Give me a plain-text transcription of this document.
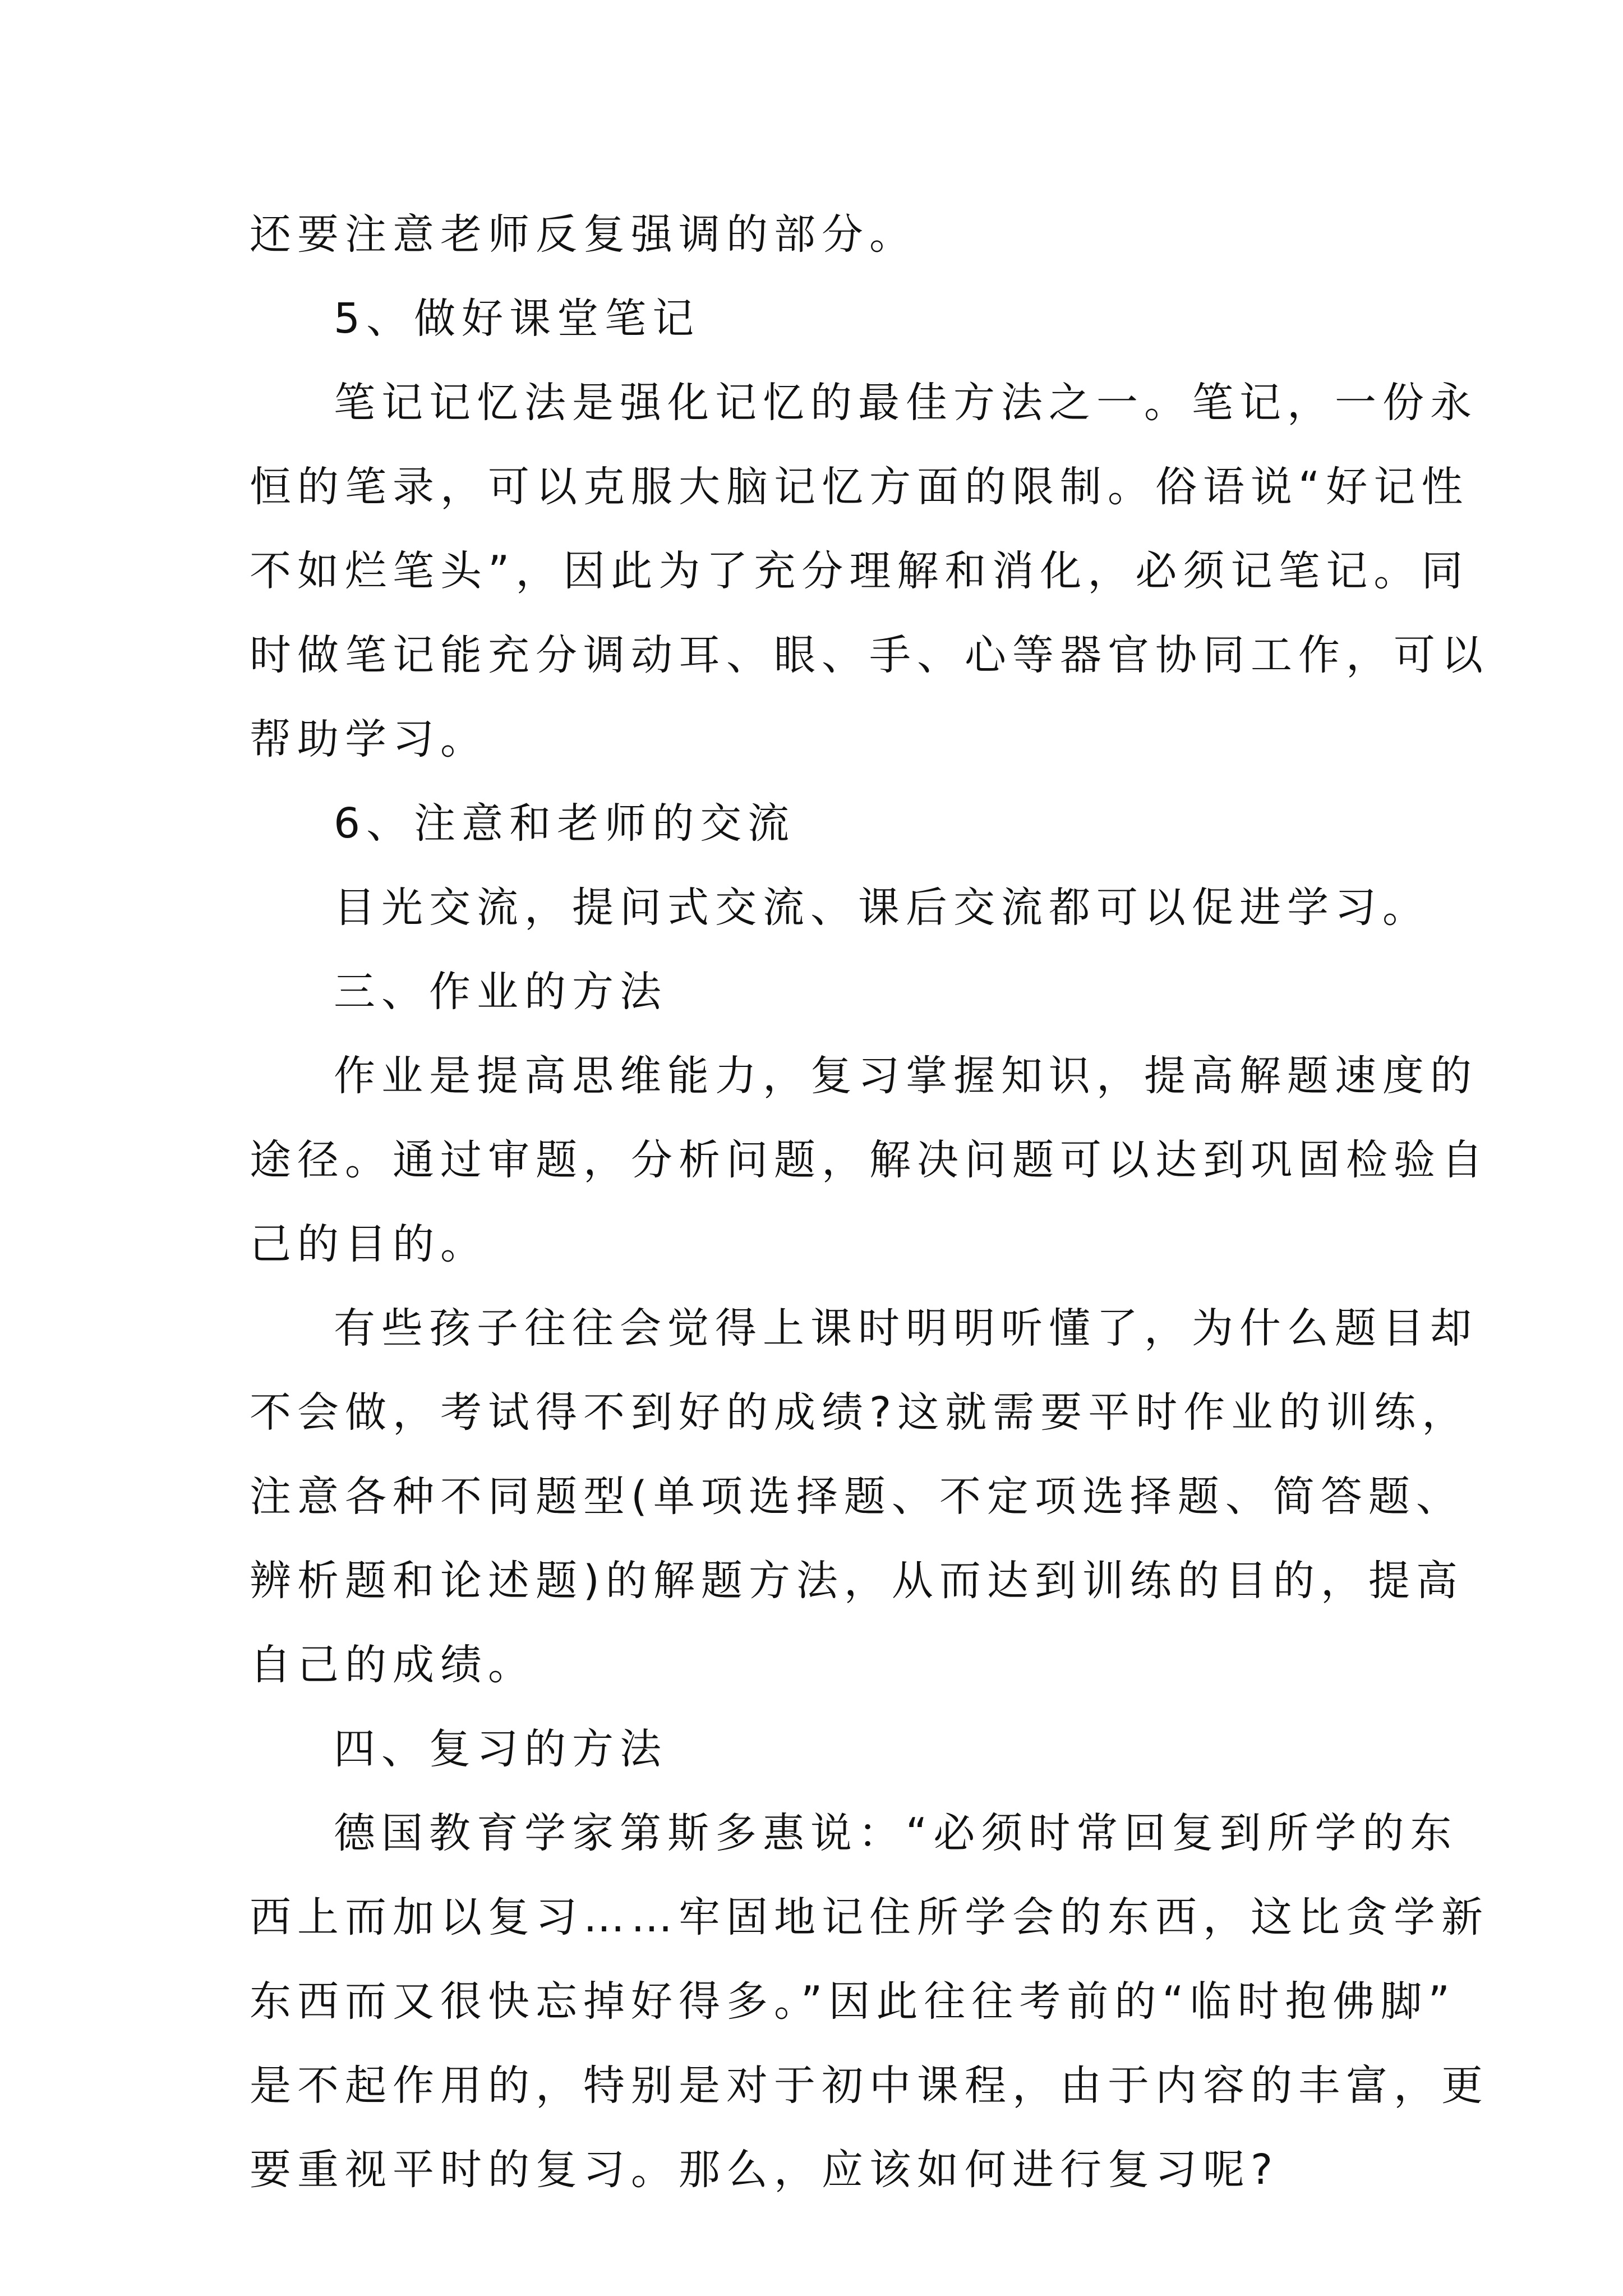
还要注意老师反复强调的部分。
5、做好课堂笔记
笔记记忆法是强化记忆的最佳方法之一。笔记，一份永
恒的笔录，可以克服大脑记忆方面的限制。俗语说“好记性
不如烂笔头”，因此为了充分理解和消化，必须记笔记。同
时做笔记能充分调动耳、眼、手、心等器官协同工作，可以
帮助学习。
6、注意和老师的交流
目光交流，提问式交流、课后交流都可以促进学习。
三、作业的方法
作业是提高思维能力，复习掌握知识，提高解题速度的
途径。通过审题，分析问题，解决问题可以达到巩固检验自
己的目的。
有些孩子往往会觉得上课时明明听懂了，为什么题目却
不会做，考试得不到好的成绩?这就需要平时作业的训练，
注意各种不同题型(单项选择题、不定项选择题、简答题、
辨析题和论述题)的解题方法，从而达到训练的目的，提高
自己的成绩。
四、复习的方法
德国教育学家第斯多惠说：“必须时常回复到所学的东
西上而加以复习……牢固地记住所学会的东西，这比贪学新
东西而又很快忘掉好得多。”因此往往考前的“临时抱佛脚”
是不起作用的，特别是对于初中课程，由于内容的丰富，更
要重视平时的复习。那么，应该如何进行复习呢?
